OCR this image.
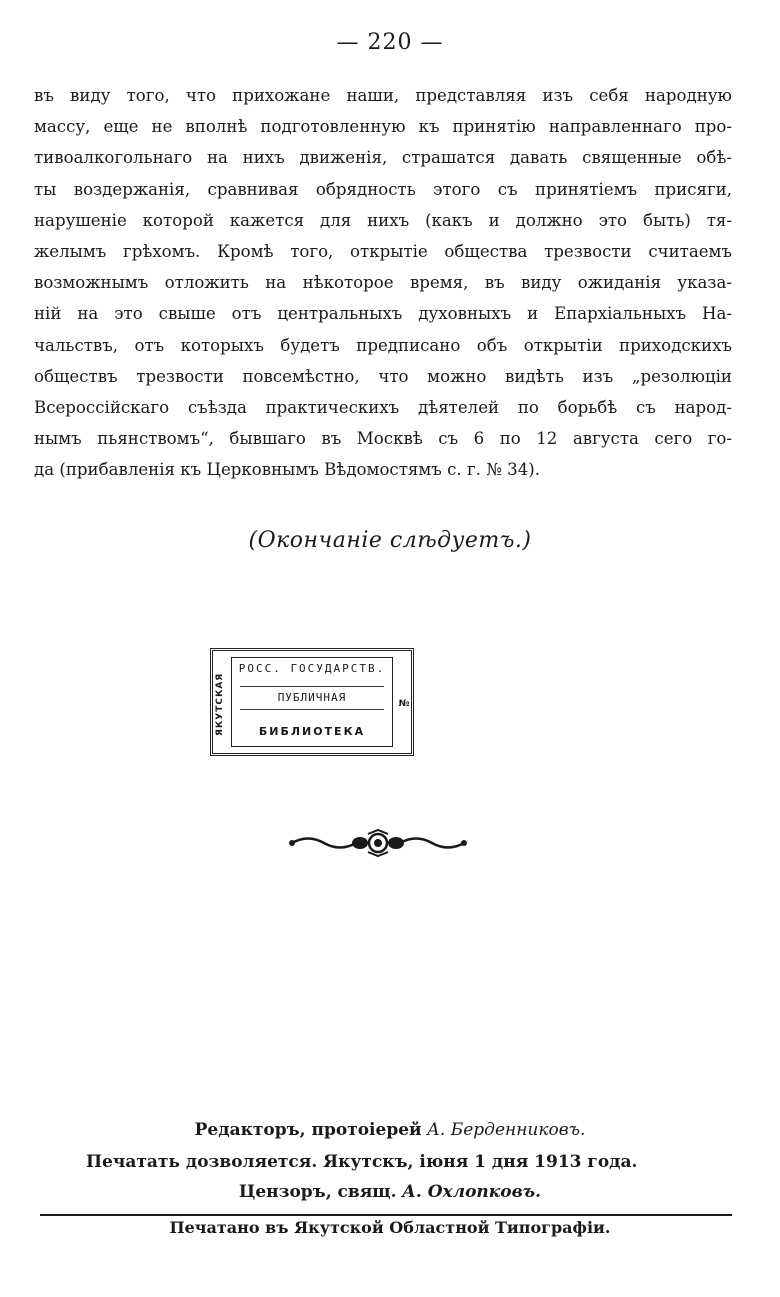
— 220 —
въ виду того, что прихожане наши, представляя изъ себя народную
массу, еще не вполнѣ подготовленную къ принятію направленнаго про-
тивоалкогольнаго на нихъ движенія, страшатся давать священные обѣ-
ты воздержанія, сравнивая обрядность этого съ принятіемъ присяги,
нарушеніе которой кажется для нихъ (какъ и должно это быть) тя-
желымъ грѣхомъ. Кромѣ того, открытіе общества трезвости считаемъ
возможнымъ отложить на нѣкоторое время, въ виду ожиданія указа-
ній на это свыше отъ центральныхъ духовныхъ и Епархіальныхъ На-
чальствъ, отъ которыхъ будетъ предписано объ открытіи приходскихъ
обществъ трезвости повсемѣстно, что можно видѣть изъ „резолюціи
Всероссійскаго съѣзда практическихъ дѣятелей по борьбѣ съ народ-
нымъ пьянствомъ“, бывшаго въ Москвѣ съ 6 по 12 августа сего го-
да (прибавленія къ Церковнымъ Вѣдомостямъ с. г. № 34).
(Окончаніе слѣдуетъ.)
ЯКУТСКАЯ	№
РОСС. ГОСУДАРСТВ.
ПУБЛИЧНАЯ
БИБЛИОТЕКА
Редакторъ, протоіерей А. Берденниковъ.
Печатать дозволяется. Якутскъ, іюня 1 дня 1913 года.
Цензоръ, свящ. А. Охлопковъ.
Печатано въ Якутской Областной Типографіи.
